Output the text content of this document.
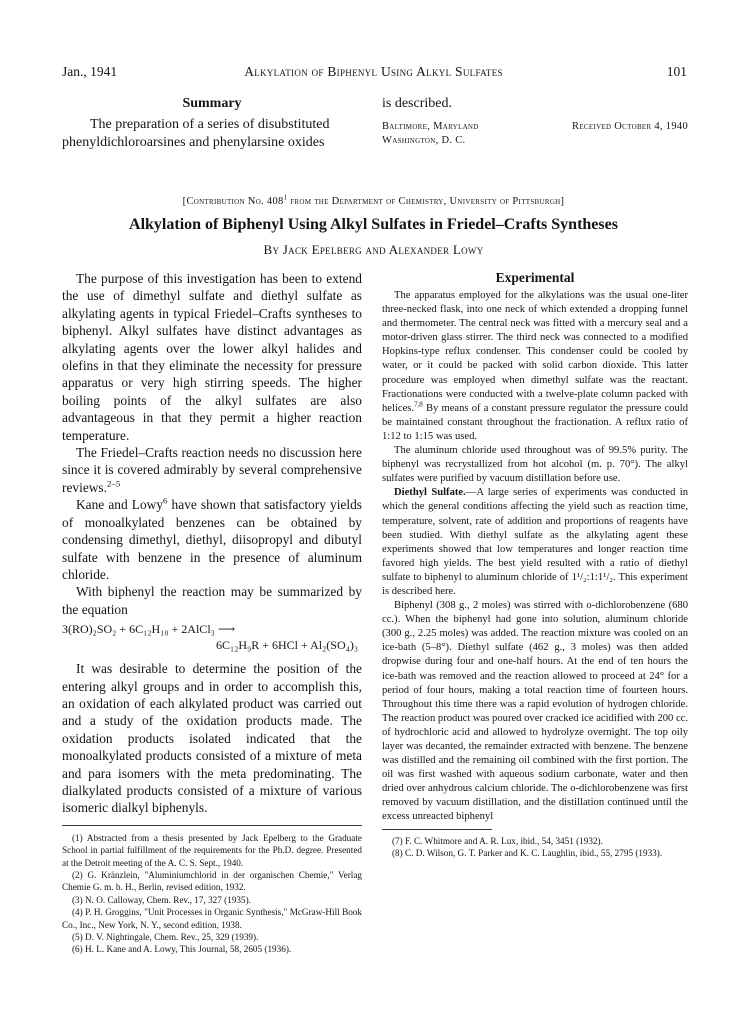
Jan., 1941	Alkylation of Biphenyl Using Alkyl Sulfates	101
Summary
The preparation of a series of disubstituted
phenyldichloroarsines and phenylarsine oxides
is described.
Baltimore, Maryland	Received October 4, 1940
Washington, D. C.
[Contribution No. $408^1$ from the Department of Chemistry, University of Pittsburgh]
Alkylation of Biphenyl Using Alkyl Sulfates in Friedel–Crafts Syntheses
By Jack Epelberg and Alexander Lowy

The purpose of this investigation has been to extend the use of dimethyl sulfate and diethyl sulfate as alkylating agents in typical Friedel–Crafts syntheses to biphenyl. Alkyl sulfates have distinct advantages as alkylating agents over the lower alkyl halides and olefins in that they eliminate the necessity for pressure apparatus or very high stirring speeds. The higher boiling points of the alkyl sulfates are also advantageous in that they permit a higher reaction temperature.

The Friedel–Crafts reaction needs no discussion here since it is covered admirably by several comprehensive reviews.$^{2-5}$

Kane and Lowy$^6$ have shown that satisfactory yields of monoalkylated benzenes can be obtained by condensing dimethyl, diethyl, diisopropyl and dibutyl sulfate with benzene in the presence of aluminum chloride.

With biphenyl the reaction may be summarized by the equation

3(RO)₂SO₂ + 6C₁₂H₁₀ + 2AlCl₃ ⟶
6C₁₂H₉R + 6HCl + Al₂(SO₄)₃

It was desirable to determine the position of the entering alkyl groups and in order to accomplish this, an oxidation of each alkylated product was carried out and a study of the oxidation products made. The oxidation products isolated indicated that the monoalkylated products consisted of a mixture of meta and para isomers with the meta predominating. The dialkylated products consisted of a mixture of various isomeric dialkyl biphenyls.

(1) Abstracted from a thesis presented by Jack Epelberg to the Graduate School in partial fulfillment of the requirements for the Ph.D. degree. Presented at the Detroit meeting of the A. C. S. Sept., 1940.

(2) G. Kränzlein, "Aluminiumchlorid in der organischen Chemie," Verlag Chemie G. m. b. H., Berlin, revised edition, 1932.

(3) N. O. Calloway, Chem. Rev., 17, 327 (1935).

(4) P. H. Groggins, "Unit Processes in Organic Synthesis," McGraw-Hill Book Co., Inc., New York, N. Y., second edition, 1938.

(5) D. V. Nightingale, Chem. Rev., 25, 329 (1939).

(6) H. L. Kane and A. Lowy, This Journal, 58, 2605 (1936).

Experimental

The apparatus employed for the alkylations was the usual one-liter three-necked flask, into one neck of which extended a dropping funnel and thermometer. The central neck was fitted with a mercury seal and a motor-driven glass stirrer. The third neck was connected to a modified Hopkins-type reflux condenser. This condenser could be cooled by water, or it could be packed with solid carbon dioxide. This latter procedure was employed when dimethyl sulfate was the reactant. Fractionations were conducted with a twelve-plate column packed with helices.$^{7,8}$ By means of a constant pressure regulator the pressure could be maintained constant throughout the fractionation. A reflux ratio of 1:12 to 1:15 was used.

The aluminum chloride used throughout was of 99.5% purity. The biphenyl was recrystallized from hot alcohol (m. p. 70°). The alkyl sulfates were purified by vacuum distillation before use.

Diethyl Sulfate.—A large series of experiments was conducted in which the general conditions affecting the yield such as reaction time, temperature, solvent, rate of addition and proportions of reagents have been studied. With diethyl sulfate as the alkylating agent these experiments showed that low temperatures and longer reaction time favored high yields. The best yield resulted with a ratio of diethyl sulfate to biphenyl to aluminum chloride of 1¹/₂:1:1¹/₂. This experiment is described here.

Biphenyl (308 g., 2 moles) was stirred with o-dichlorobenzene (680 cc.). When the biphenyl had gone into solution, aluminum chloride (300 g., 2.25 moles) was added. The reaction mixture was cooled on an ice-bath (5–8°). Diethyl sulfate (462 g., 3 moles) was then added dropwise during four and one-half hours. At the end of ten hours the ice-bath was removed and the reaction allowed to proceed at 24° for a period of four hours, making a total reaction time of fourteen hours. Throughout this time there was a rapid evolution of hydrogen chloride. The reaction product was poured over cracked ice acidified with 200 cc. of hydrochloric acid and allowed to hydrolyze overnight. The top oily layer was decanted, the remainder extracted with benzene. The benzene was distilled and the remaining oil combined with the first portion. The oil was first washed with aqueous sodium carbonate, water and then dried over anhydrous calcium chloride. The o-dichlorobenzene was first removed by vacuum distillation, and the distillation continued until the excess unreacted biphenyl

(7) F. C. Whitmore and A. R. Lux, ibid., 54, 3451 (1932).

(8) C. D. Wilson, G. T. Parker and K. C. Laughlin, ibid., 55, 2795 (1933).
